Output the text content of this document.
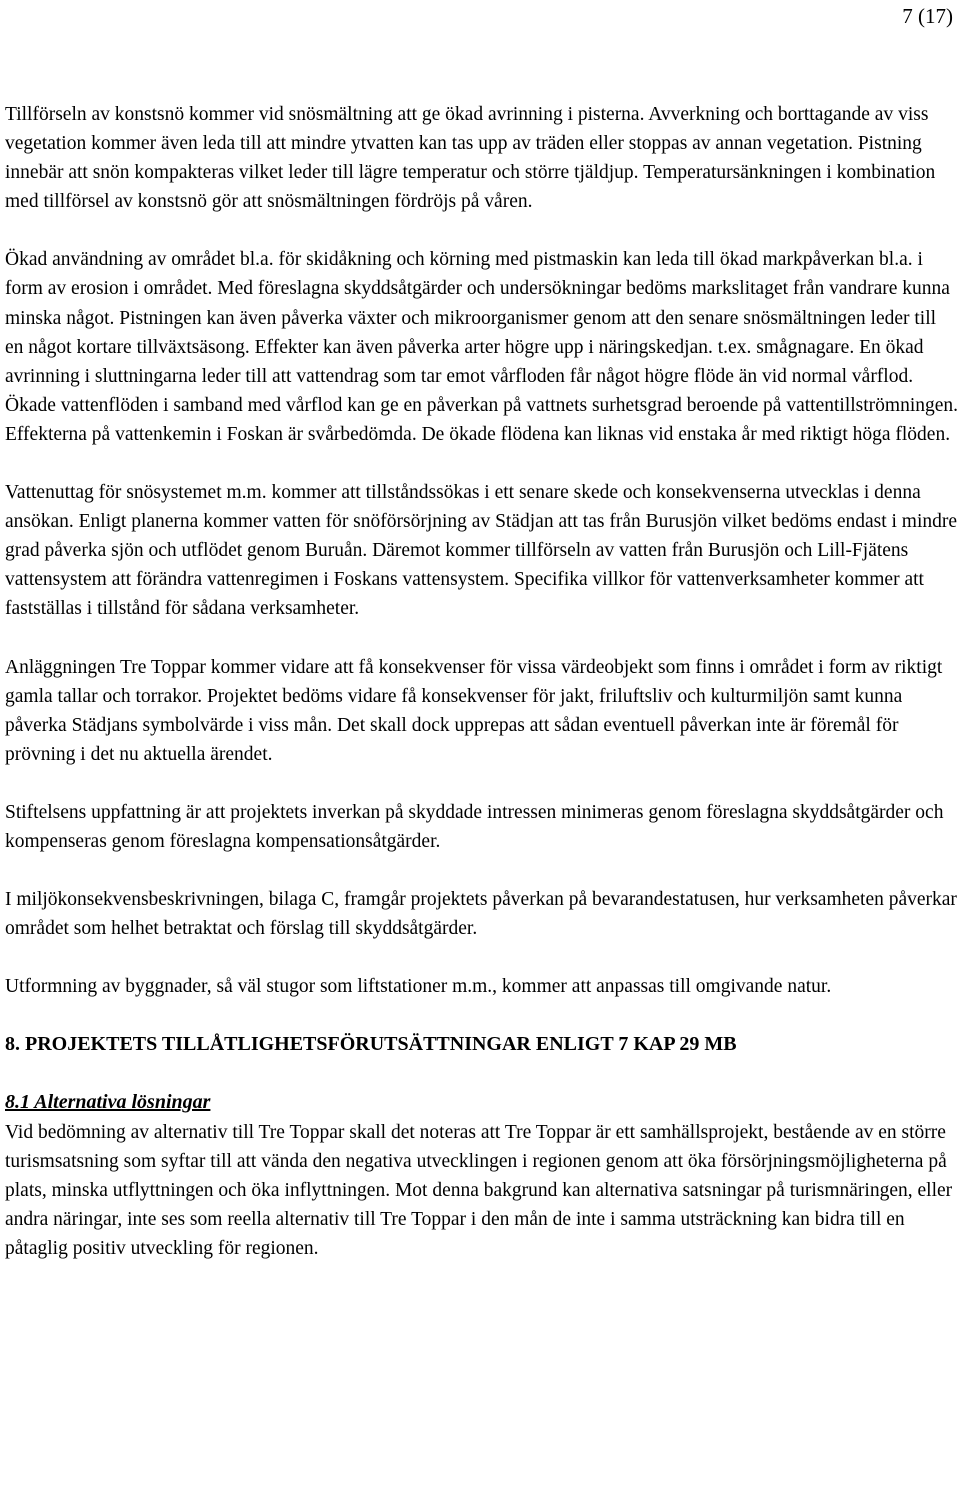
7 (17)

Tillförseln av konstsnö kommer vid snösmältning att ge ökad avrinning i pisterna. Avverkning och borttagande av viss vegetation kommer även leda till att mindre ytvatten kan tas upp av träden eller stoppas av annan vegetation. Pistning innebär att snön kompakteras vilket leder till lägre temperatur och större tjäldjup. Temperatursänkningen i kombination med tillförsel av konstsnö gör att snösmältningen fördröjs på våren.

Ökad användning av området bl.a. för skidåkning och körning med pistmaskin kan leda till ökad markpåverkan bl.a. i form av erosion i området. Med föreslagna skyddsåtgärder och undersökningar bedöms markslitaget från vandrare kunna minska något. Pistningen kan även påverka växter och mikroorganismer genom att den senare snösmältningen leder till en något kortare tillväxtsäsong. Effekter kan även påverka arter högre upp i näringskedjan. t.ex. smågnagare. En ökad avrinning i sluttningarna leder till att vattendrag som tar emot vårfloden får något högre flöde än vid normal vårflod. Ökade vattenflöden i samband med vårflod kan ge en påverkan på vattnets surhetsgrad beroende på vattentillströmningen. Effekterna på vattenkemin i Foskan är svårbedömda. De ökade flödena kan liknas vid enstaka år med riktigt höga flöden.

Vattenuttag för snösystemet m.m. kommer att tillståndssökas i ett senare skede och konsekvenserna utvecklas i denna ansökan. Enligt planerna kommer vatten för snöförsörjning av Städjan att tas från Burusjön vilket bedöms endast i mindre grad påverka sjön och utflödet genom Buruån. Däremot kommer tillförseln av vatten från Burusjön och Lill-Fjätens vattensystem att förändra vattenregimen i Foskans vattensystem. Specifika villkor för vattenverksamheter kommer att fastställas i tillstånd för sådana verksamheter.

Anläggningen Tre Toppar kommer vidare att få konsekvenser för vissa värdeobjekt som finns i området i form av riktigt gamla tallar och torrakor. Projektet bedöms vidare få konsekvenser för jakt, friluftsliv och kulturmiljön samt kunna påverka Städjans symbolvärde i viss mån. Det skall dock upprepas att sådan eventuell påverkan inte är föremål för prövning i det nu aktuella ärendet.

Stiftelsens uppfattning är att projektets inverkan på skyddade intressen minimeras genom föreslagna skyddsåtgärder och kompenseras genom föreslagna kompensationsåtgärder.

I miljökonsekvensbeskrivningen, bilaga C, framgår projektets påverkan på bevarandestatusen, hur verksamheten påverkar området som helhet betraktat och förslag till skyddsåtgärder.

Utformning av byggnader, så väl stugor som liftstationer m.m., kommer att anpassas till omgivande natur.

8. PROJEKTETS TILLÅTLIGHETSFÖRUTSÄTTNINGAR ENLIGT 7 KAP 29 MB

8.1 Alternativa lösningar

Vid bedömning av alternativ till Tre Toppar skall det noteras att Tre Toppar är ett samhällsprojekt, bestående av en större turismsatsning som syftar till att vända den negativa utvecklingen i regionen genom att öka försörjningsmöjligheterna på plats, minska utflyttningen och öka inflyttningen. Mot denna bakgrund kan alternativa satsningar på turismnäringen, eller andra näringar, inte ses som reella alternativ till Tre Toppar i den mån de inte i samma utsträckning kan bidra till en påtaglig positiv utveckling för regionen.
